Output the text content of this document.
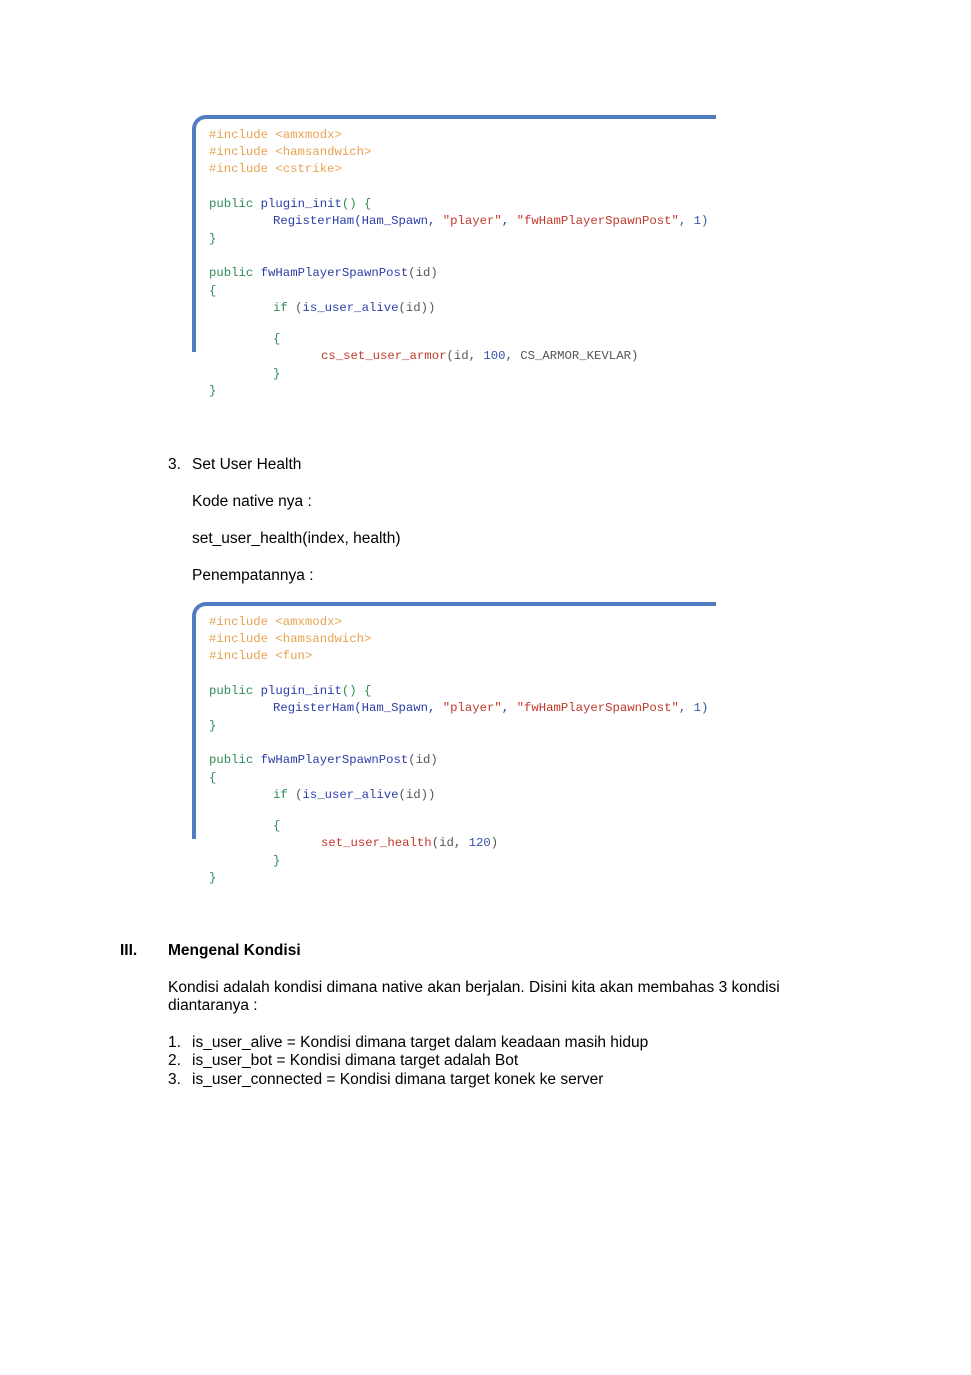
#include <amxmodx>
#include <hamsandwich>
#include <cstrike>
public plugin_init() {
RegisterHam(Ham_Spawn, "player", "fwHamPlayerSpawnPost", 1)
}
public fwHamPlayerSpawnPost(id)
{
if (is_user_alive(id))
{
cs_set_user_armor(id, 100, CS_ARMOR_KEVLAR)
}
}
3. Set User Health
Kode native nya :
set_user_health(index, health)
Penempatannya :
#include <amxmodx>
#include <hamsandwich>
#include <fun>
public plugin_init() {
RegisterHam(Ham_Spawn, "player", "fwHamPlayerSpawnPost", 1)
}
public fwHamPlayerSpawnPost(id)
{
if (is_user_alive(id))
{
set_user_health(id, 120)
}
}
III. Mengenal Kondisi
Kondisi adalah kondisi dimana native akan berjalan. Disini kita akan membahas 3 kondisi
diantaranya :
1. is_user_alive = Kondisi dimana target dalam keadaan masih hidup
2. is_user_bot = Kondisi dimana target adalah Bot
3. is_user_connected = Kondisi dimana target konek ke server
